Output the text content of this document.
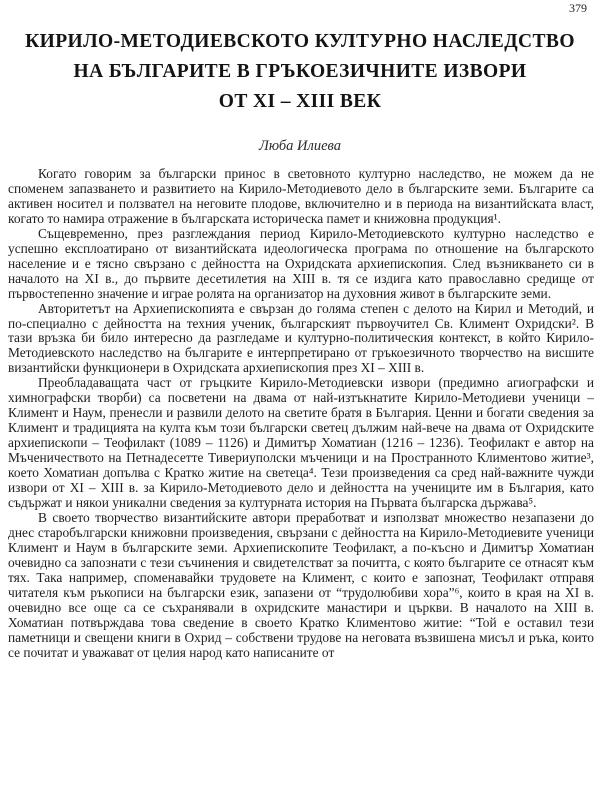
379
КИРИЛО-МЕТОДИЕВСКОТО КУЛТУРНО НАСЛЕДСТВО
НА БЪЛГАРИТЕ В ГРЪКОЕЗИЧНИТЕ ИЗВОРИ
ОТ XI – XIII ВЕК
Люба Илиева

Когато говорим за български принос в световното културно наследство, не можем да не споменем запазването и развитието на Кирило-Методиевото дело в българските земи. Българите са активен носител и ползвател на неговите плодове, включително и в периода на византийската власт, когато то намира отражение в българската историческа памет и книжовна продукция¹.

Същевременно, през разглеждания период Кирило-Методиевското културно наследство е успешно експлоатирано от византийската идеологическа програма по отношение на българското население и е тясно свързано с дейността на Охридската архиепископия. След възникването си в началото на XI в., до първите десетилетия на XIII в. тя се издига като православно средище от първостепенно значение и играе ролята на организатор на духовния живот в българските земи.

Авторитетът на Архиепископията е свързан до голяма степен с делото на Кирил и Методий, и по-специално с дейността на техния ученик, българският първоучител Св. Климент Охридски². В тази връзка би било интересно да разгледаме и културно-политическия контекст, в който Кирило-Методиевското наследство на българите е интерпретирано от гръкоезичното творчество на висшите византийски функционери в Охридската архиепископия през XI – XIII в.

Преобладаващата част от гръцките Кирило-Методиевски извори (предимно агиографски и химнографски творби) са посветени на двама от най-изтъкнатите Кирило-Методиеви ученици – Климент и Наум, пренесли и развили делото на светите братя в България. Ценни и богати сведения за Климент и традицията на култа към този български светец дължим най-вече на двама от Охридските архиепископи – Теофилакт (1089 – 1126) и Димитър Хоматиан (1216 – 1236). Теофилакт е автор на Мъченичеството на Петнадесетте Тивериуполски мъченици и на Пространното Климентово житие³, което Хоматиан допълва с Кратко житие на светеца⁴. Тези произведения са сред най-важните чужди извори от XI – XIII в. за Кирило-Методиевото дело и дейността на учениците им в България, като съдържат и някои уникални сведения за културната история на Първата българска държава⁵.

В своето творчество византийските автори преработват и използват множество незапазени до днес старобългарски книжовни произведения, свързани с дейността на Кирило-Методиевите ученици Климент и Наум в българските земи. Архиепископите Теофилакт, а по-късно и Димитър Хоматиан очевидно са запознати с тези съчинения и свидетелстват за почитта, с която българите се отнасят към тях. Така например, споменавайки трудовете на Климент, с които е запознат, Теофилакт отправя читателя към ръкописи на български език, запазени от “трудолюбиви хора”⁶, които в края на XI в. очевидно все още са се съхранявали в охридските манастири и църкви. В началото на XIII в. Хоматиан потвърждава това сведение в своето Кратко Климентово житие: “Той е оставил тези паметници и свещени книги в Охрид – собствени трудове на неговата възвишена мисъл и ръка, които се почитат и уважават от целия народ като написаните от
